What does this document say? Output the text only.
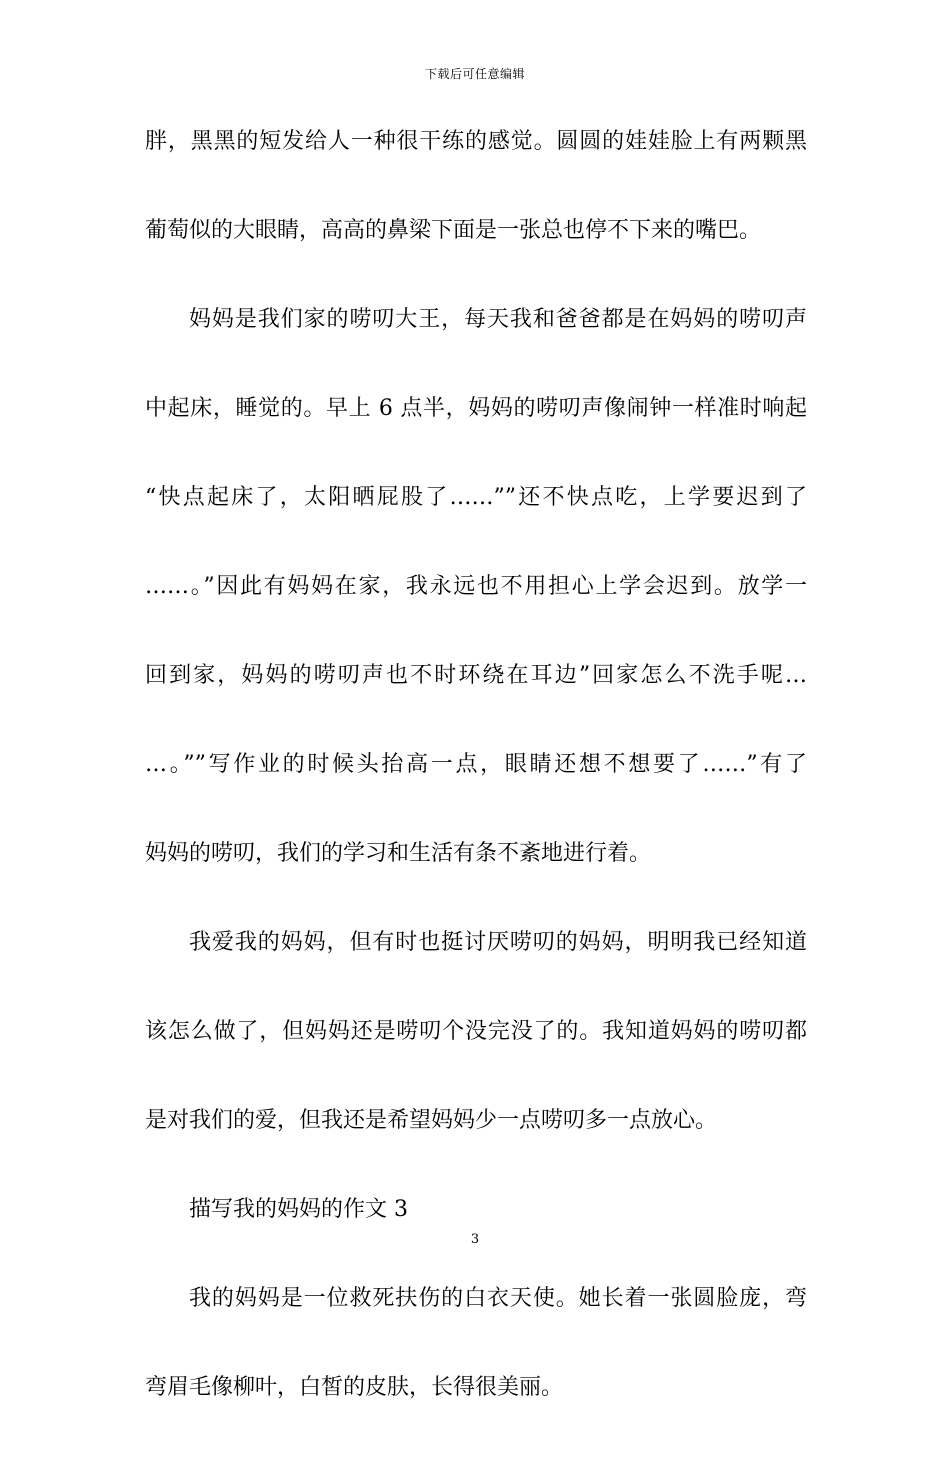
下载后可任意编辑
胖，黑黑的短发给人一种很干练的感觉。圆圆的娃娃脸上有两颗黑
葡萄似的大眼睛，高高的鼻梁下面是一张总也停不下来的嘴巴。
妈妈是我们家的唠叨大王，每天我和爸爸都是在妈妈的唠叨声
中起床，睡觉的。早上 6 点半，妈妈的唠叨声像闹钟一样准时响起
“快点起床了，太阳晒屁股了……””还不快点吃，上学要迟到了
……。”因此有妈妈在家，我永远也不用担心上学会迟到。放学一
回到家，妈妈的唠叨声也不时环绕在耳边”回家怎么不洗手呢…
…。””写作业的时候头抬高一点，眼睛还想不想要了……”有了
妈妈的唠叨，我们的学习和生活有条不紊地进行着。
我爱我的妈妈，但有时也挺讨厌唠叨的妈妈，明明我已经知道
该怎么做了，但妈妈还是唠叨个没完没了的。我知道妈妈的唠叨都
是对我们的爱，但我还是希望妈妈少一点唠叨多一点放心。
描写我的妈妈的作文 3
我的妈妈是一位救死扶伤的白衣天使。她长着一张圆脸庞，弯
弯眉毛像柳叶，白皙的皮肤，长得很美丽。
3
